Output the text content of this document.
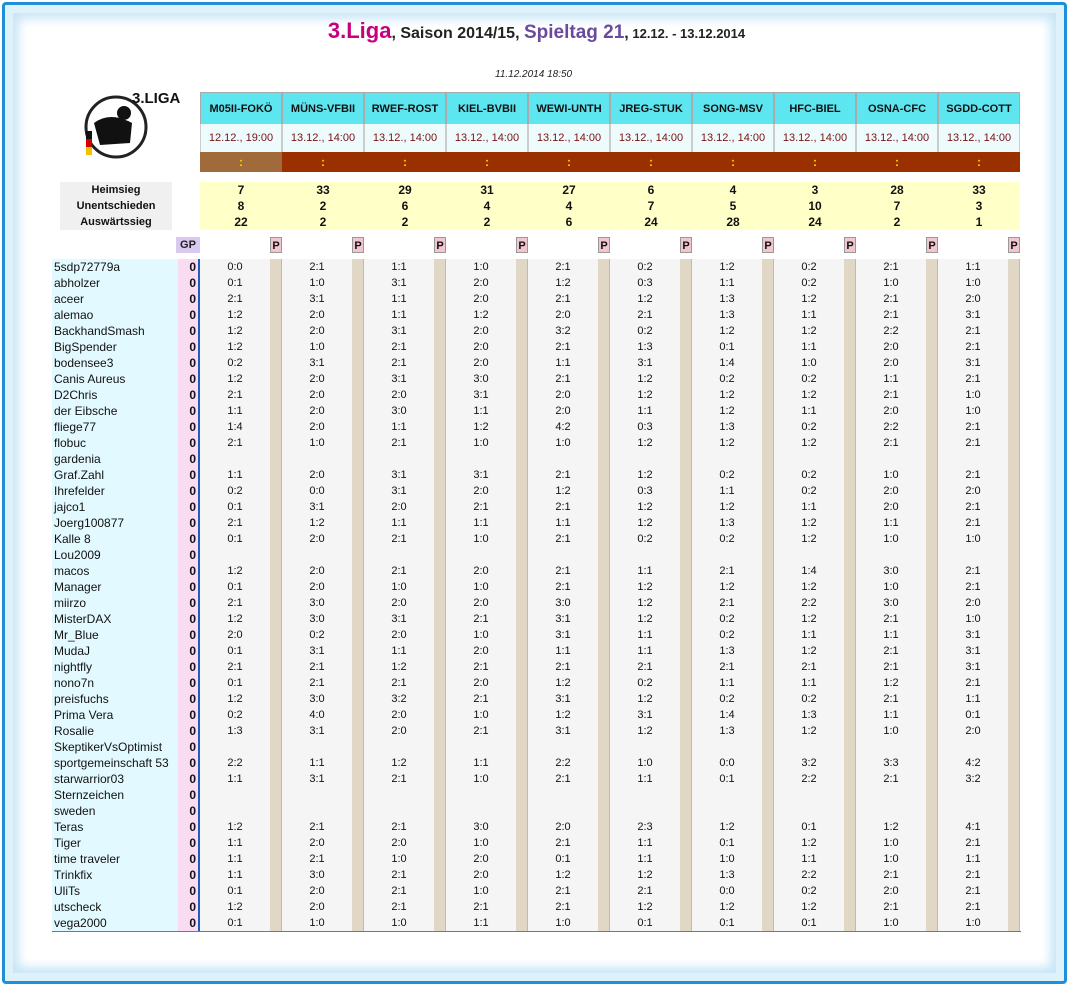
3.Liga, Saison 2014/15, Spieltag 21, 12.12. - 13.12.2014
11.12.2014 18:50
3.LIGA
Heimsieg
Unentschieden
Auswärtssieg
GP
M05II-FOKÖ
12.12., 19:00
:
7
8
22
P
MÜNS-VFBII
13.12., 14:00
:
33
2
2
P
RWEF-ROST
13.12., 14:00
:
29
6
2
P
KIEL-BVBII
13.12., 14:00
:
31
4
2
P
WEWI-UNTH
13.12., 14:00
:
27
4
6
P
JREG-STUK
13.12., 14:00
:
6
7
24
P
SONG-MSV
13.12., 14:00
:
4
5
28
P
HFC-BIEL
13.12., 14:00
:
3
10
24
P
OSNA-CFC
13.12., 14:00
:
28
7
2
P
SGDD-COTT
13.12., 14:00
:
33
3
1
P
0:0
0:1
2:1
1:2
1:2
1:2
0:2
1:2
2:1
1:1
1:4
2:1
1:1
0:2
0:1
2:1
0:1
1:2
0:1
2:1
1:2
2:0
0:1
2:1
0:1
1:2
0:2
1:3
2:2
1:1
1:2
1:1
1:1
1:1
0:1
1:2
0:1
2:1
1:0
3:1
2:0
2:0
1:0
3:1
2:0
2:0
2:0
2:0
1:0
2:0
0:0
3:1
1:2
2:0
2:0
2:0
3:0
3:0
0:2
3:1
2:1
2:1
3:0
4:0
3:1
1:1
3:1
2:1
2:0
2:1
3:0
2:0
2:0
1:0
1:1
3:1
1:1
1:1
3:1
2:1
2:1
3:1
2:0
3:0
1:1
2:1
3:1
3:1
2:0
1:1
2:1
2:1
1:0
2:0
3:1
2:0
1:1
1:2
2:1
3:2
2:0
2:0
1:2
2:1
2:1
2:0
1:0
2:1
2:1
2:1
1:0
1:0
2:0
2:0
1:2
2:0
2:0
2:0
3:0
3:1
1:1
1:2
1:0
3:1
2:0
2:1
1:1
1:0
2:0
1:0
2:0
2:1
1:0
2:0
2:1
2:0
2:1
1:0
2:1
1:1
1:0
3:0
1:0
2:0
2:0
1:0
2:1
1:1
2:1
1:2
2:1
2:0
3:2
2:1
1:1
2:1
2:0
2:0
4:2
1:0
2:1
1:2
2:1
1:1
2:1
2:1
2:1
3:0
3:1
3:1
1:1
2:1
1:2
3:1
1:2
3:1
2:2
2:1
2:0
2:1
0:1
1:2
2:1
2:1
1:0
0:2
0:3
1:2
2:1
0:2
1:3
3:1
1:2
1:2
1:1
0:3
1:2
1:2
0:3
1:2
1:2
0:2
1:1
1:2
1:2
1:2
1:1
1:1
2:1
0:2
1:2
3:1
1:2
1:0
1:1
2:3
1:1
1:1
1:2
2:1
1:2
0:1
1:2
1:1
1:3
1:3
1:2
0:1
1:4
0:2
1:2
1:2
1:3
1:2
0:2
1:1
1:2
1:3
0:2
2:1
1:2
2:1
0:2
0:2
1:3
2:1
1:1
0:2
1:4
1:3
0:0
0:1
1:2
0:1
1:0
1:3
0:0
1:2
0:1
0:2
0:2
1:2
1:1
1:2
1:1
1:0
0:2
1:2
1:1
0:2
1:2
0:2
0:2
1:1
1:2
1:2
1:4
1:2
2:2
1:2
1:1
1:2
2:1
1:1
0:2
1:3
1:2
3:2
2:2
0:1
1:2
1:1
2:2
0:2
1:2
0:1
2:1
1:0
2:1
2:1
2:2
2:0
2:0
1:1
2:1
2:0
2:2
2:1
1:0
2:0
2:0
1:1
1:0
3:0
1:0
3:0
2:1
1:1
2:1
2:1
1:2
2:1
1:1
1:0
3:3
2:1
1:2
1:0
1:0
2:1
2:0
2:1
1:0
1:1
1:0
2:0
3:1
2:1
2:1
3:1
2:1
1:0
1:0
2:1
2:1
2:1
2:0
2:1
2:1
1:0
2:1
2:1
2:0
1:0
3:1
3:1
3:1
2:1
1:1
0:1
2:0
4:2
3:2
4:1
2:1
1:1
2:1
2:1
2:1
1:0
5sdp72779a
abholzer
aceer
alemao
BackhandSmash
BigSpender
bodensee3
Canis Aureus
D2Chris
der Eibsche
fliege77
flobuc
gardenia
Graf.Zahl
Ihrefelder
jajco1
Joerg100877
Kalle 8
Lou2009
macos
Manager
miirzo
MisterDAX
Mr_Blue
MudaJ
nightfly
nono7n
preisfuchs
Prima Vera
Rosalie
SkeptikerVsOptimist
sportgemeinschaft 53
starwarrior03
Sternzeichen
sweden
Teras
Tiger
time traveler
Trinkfix
UliTs
utscheck
vega2000
0
0
0
0
0
0
0
0
0
0
0
0
0
0
0
0
0
0
0
0
0
0
0
0
0
0
0
0
0
0
0
0
0
0
0
0
0
0
0
0
0
0
